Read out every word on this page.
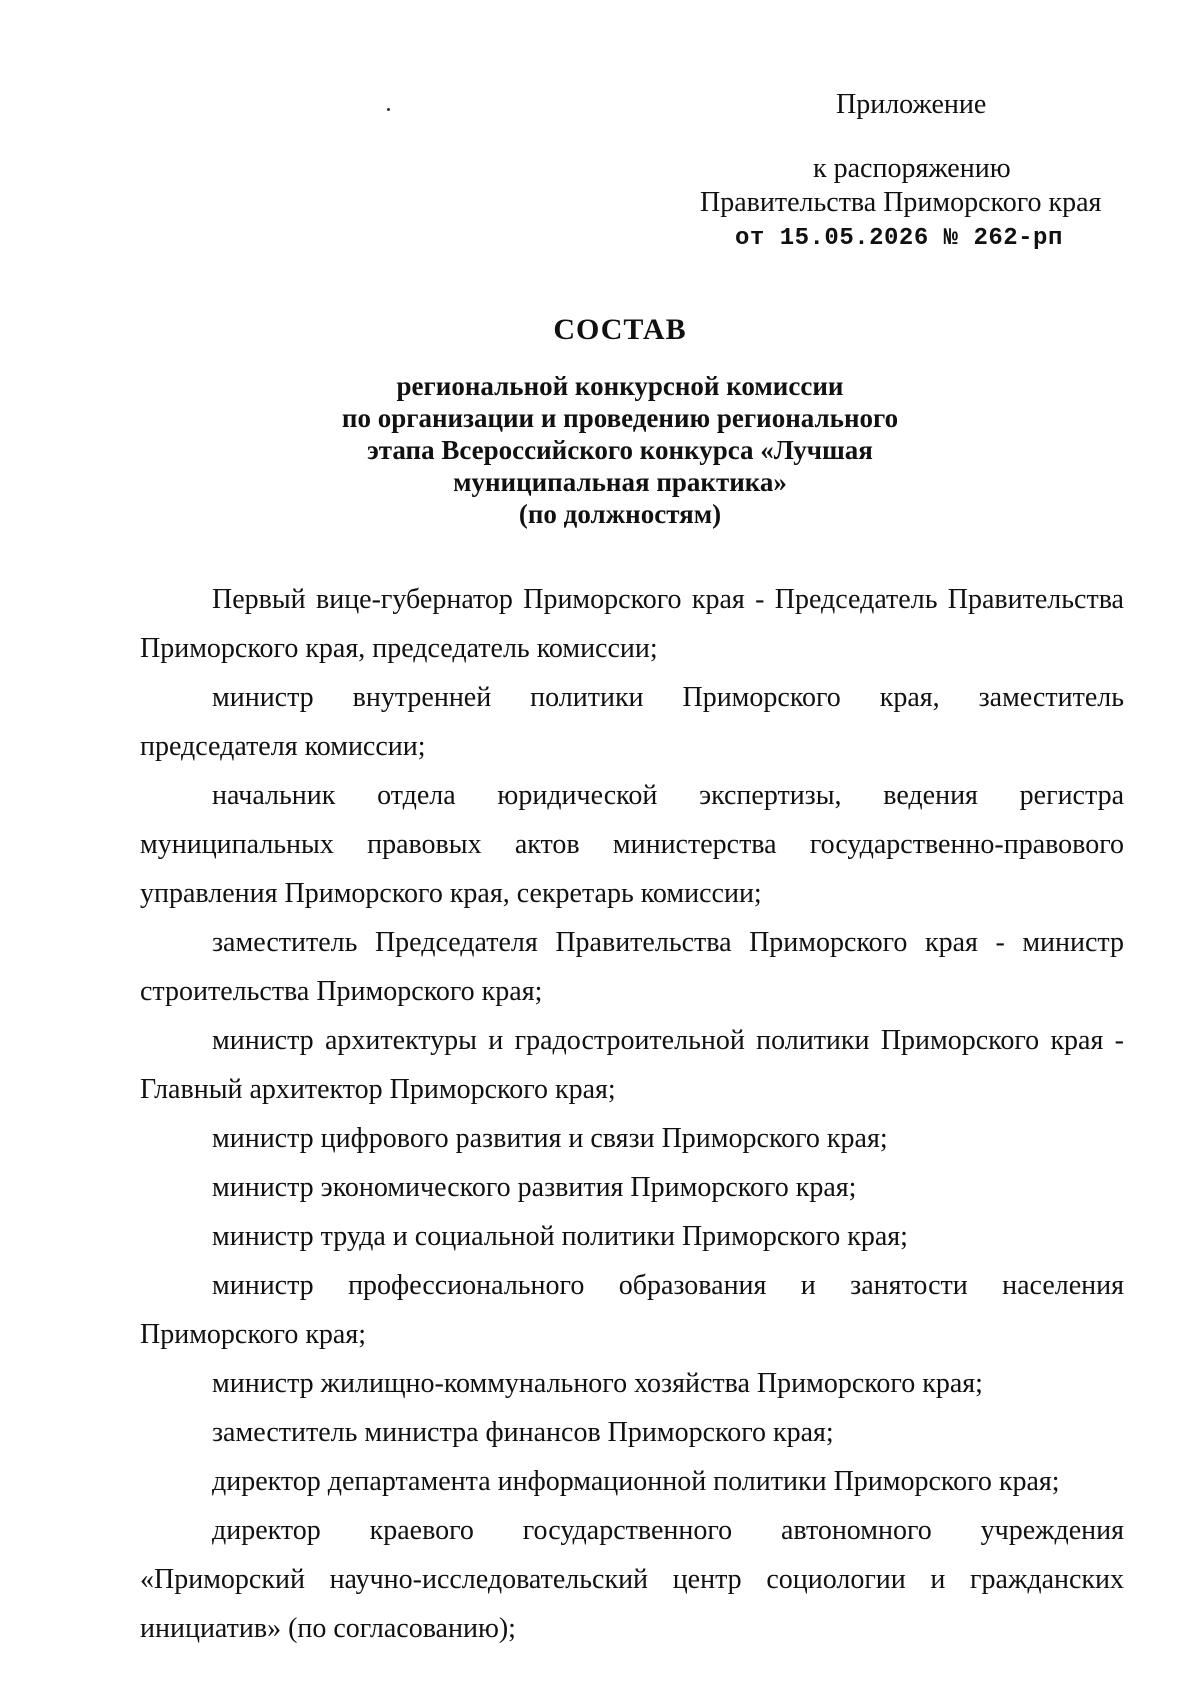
Приложение
к распоряжению
Правительства Приморского края
от 15.05.2026 № 262-рп
СОСТАВ
региональной конкурсной комиссии
по организации и проведению регионального
этапа Всероссийского конкурса «Лучшая
муниципальная практика»
(по должностям)

Первый вице-губернатор Приморского края - Председатель Правительства Приморского края, председатель комиссии;

министр внутренней политики Приморского края, заместитель председателя комиссии;

начальник отдела юридической экспертизы, ведения регистра муниципальных правовых актов министерства государственно-правового управления Приморского края, секретарь комиссии;

заместитель Председателя Правительства Приморского края - министр строительства Приморского края;

министр архитектуры и градостроительной политики Приморского края - Главный архитектор Приморского края;

министр цифрового развития и связи Приморского края;

министр экономического развития Приморского края;

министр труда и социальной политики Приморского края;

министр профессионального образования и занятости населения Приморского края;

министр жилищно-коммунального хозяйства Приморского края;

заместитель министра финансов Приморского края;

директор департамента информационной политики Приморского края;

директор краевого государственного автономного учреждения «Приморский научно-исследовательский центр социологии и гражданских инициатив» (по согласованию);
